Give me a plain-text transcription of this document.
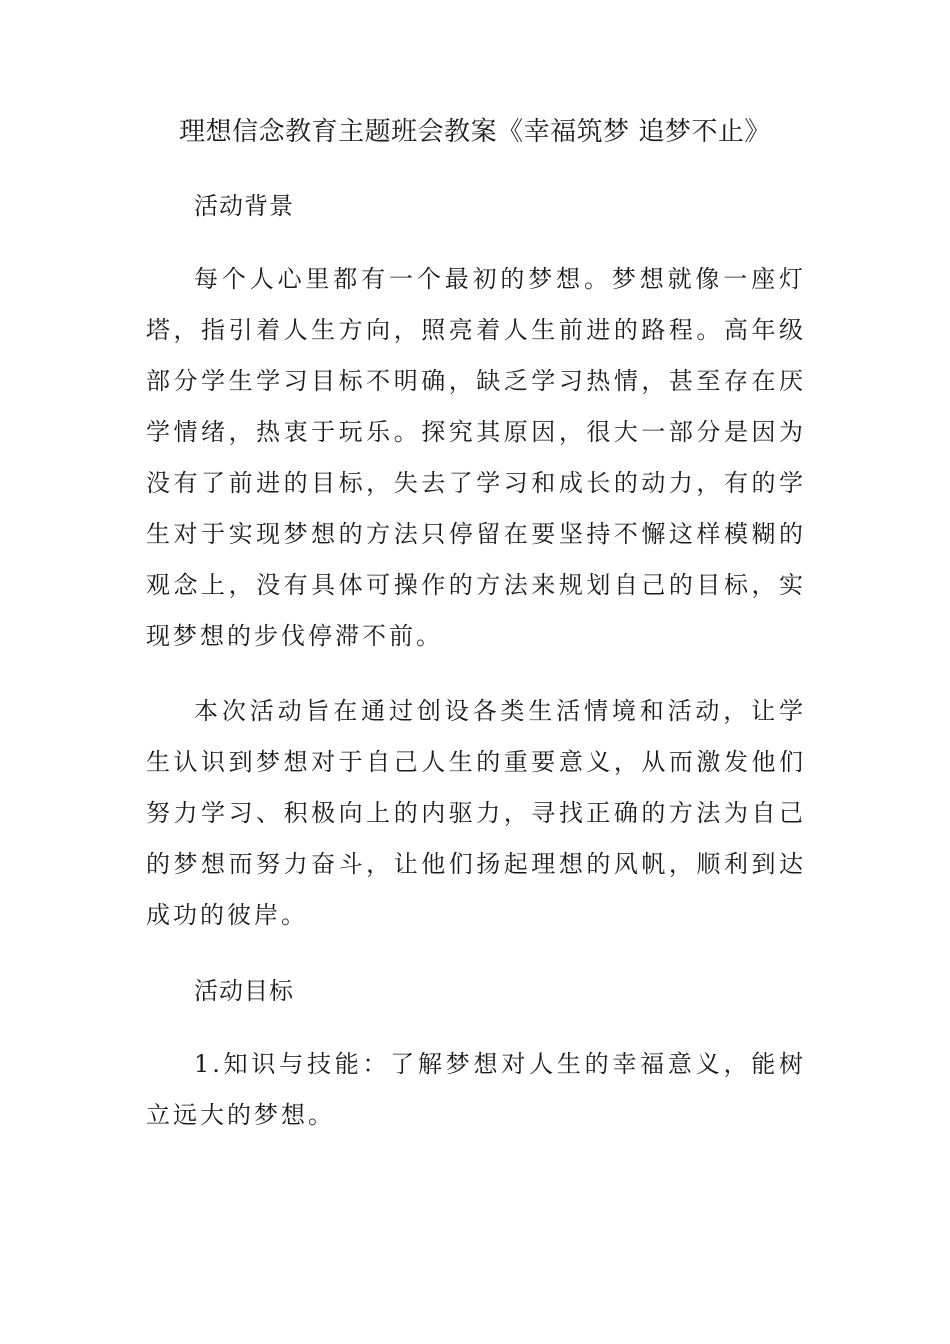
理想信念教育主题班会教案《幸福筑梦 追梦不止》

活动背景

每个人心里都有一个最初的梦想。梦想就像一座灯塔，指引着人生方向，照亮着人生前进的路程。高年级部分学生学习目标不明确，缺乏学习热情，甚至存在厌学情绪，热衷于玩乐。探究其原因，很大一部分是因为没有了前进的目标，失去了学习和成长的动力，有的学生对于实现梦想的方法只停留在要坚持不懈这样模糊的观念上，没有具体可操作的方法来规划自己的目标，实现梦想的步伐停滞不前。

本次活动旨在通过创设各类生活情境和活动，让学生认识到梦想对于自己人生的重要意义，从而激发他们努力学习、积极向上的内驱力，寻找正确的方法为自己的梦想而努力奋斗，让他们扬起理想的风帆，顺利到达成功的彼岸。

活动目标

1.知识与技能：了解梦想对人生的幸福意义，能树立远大的梦想。
